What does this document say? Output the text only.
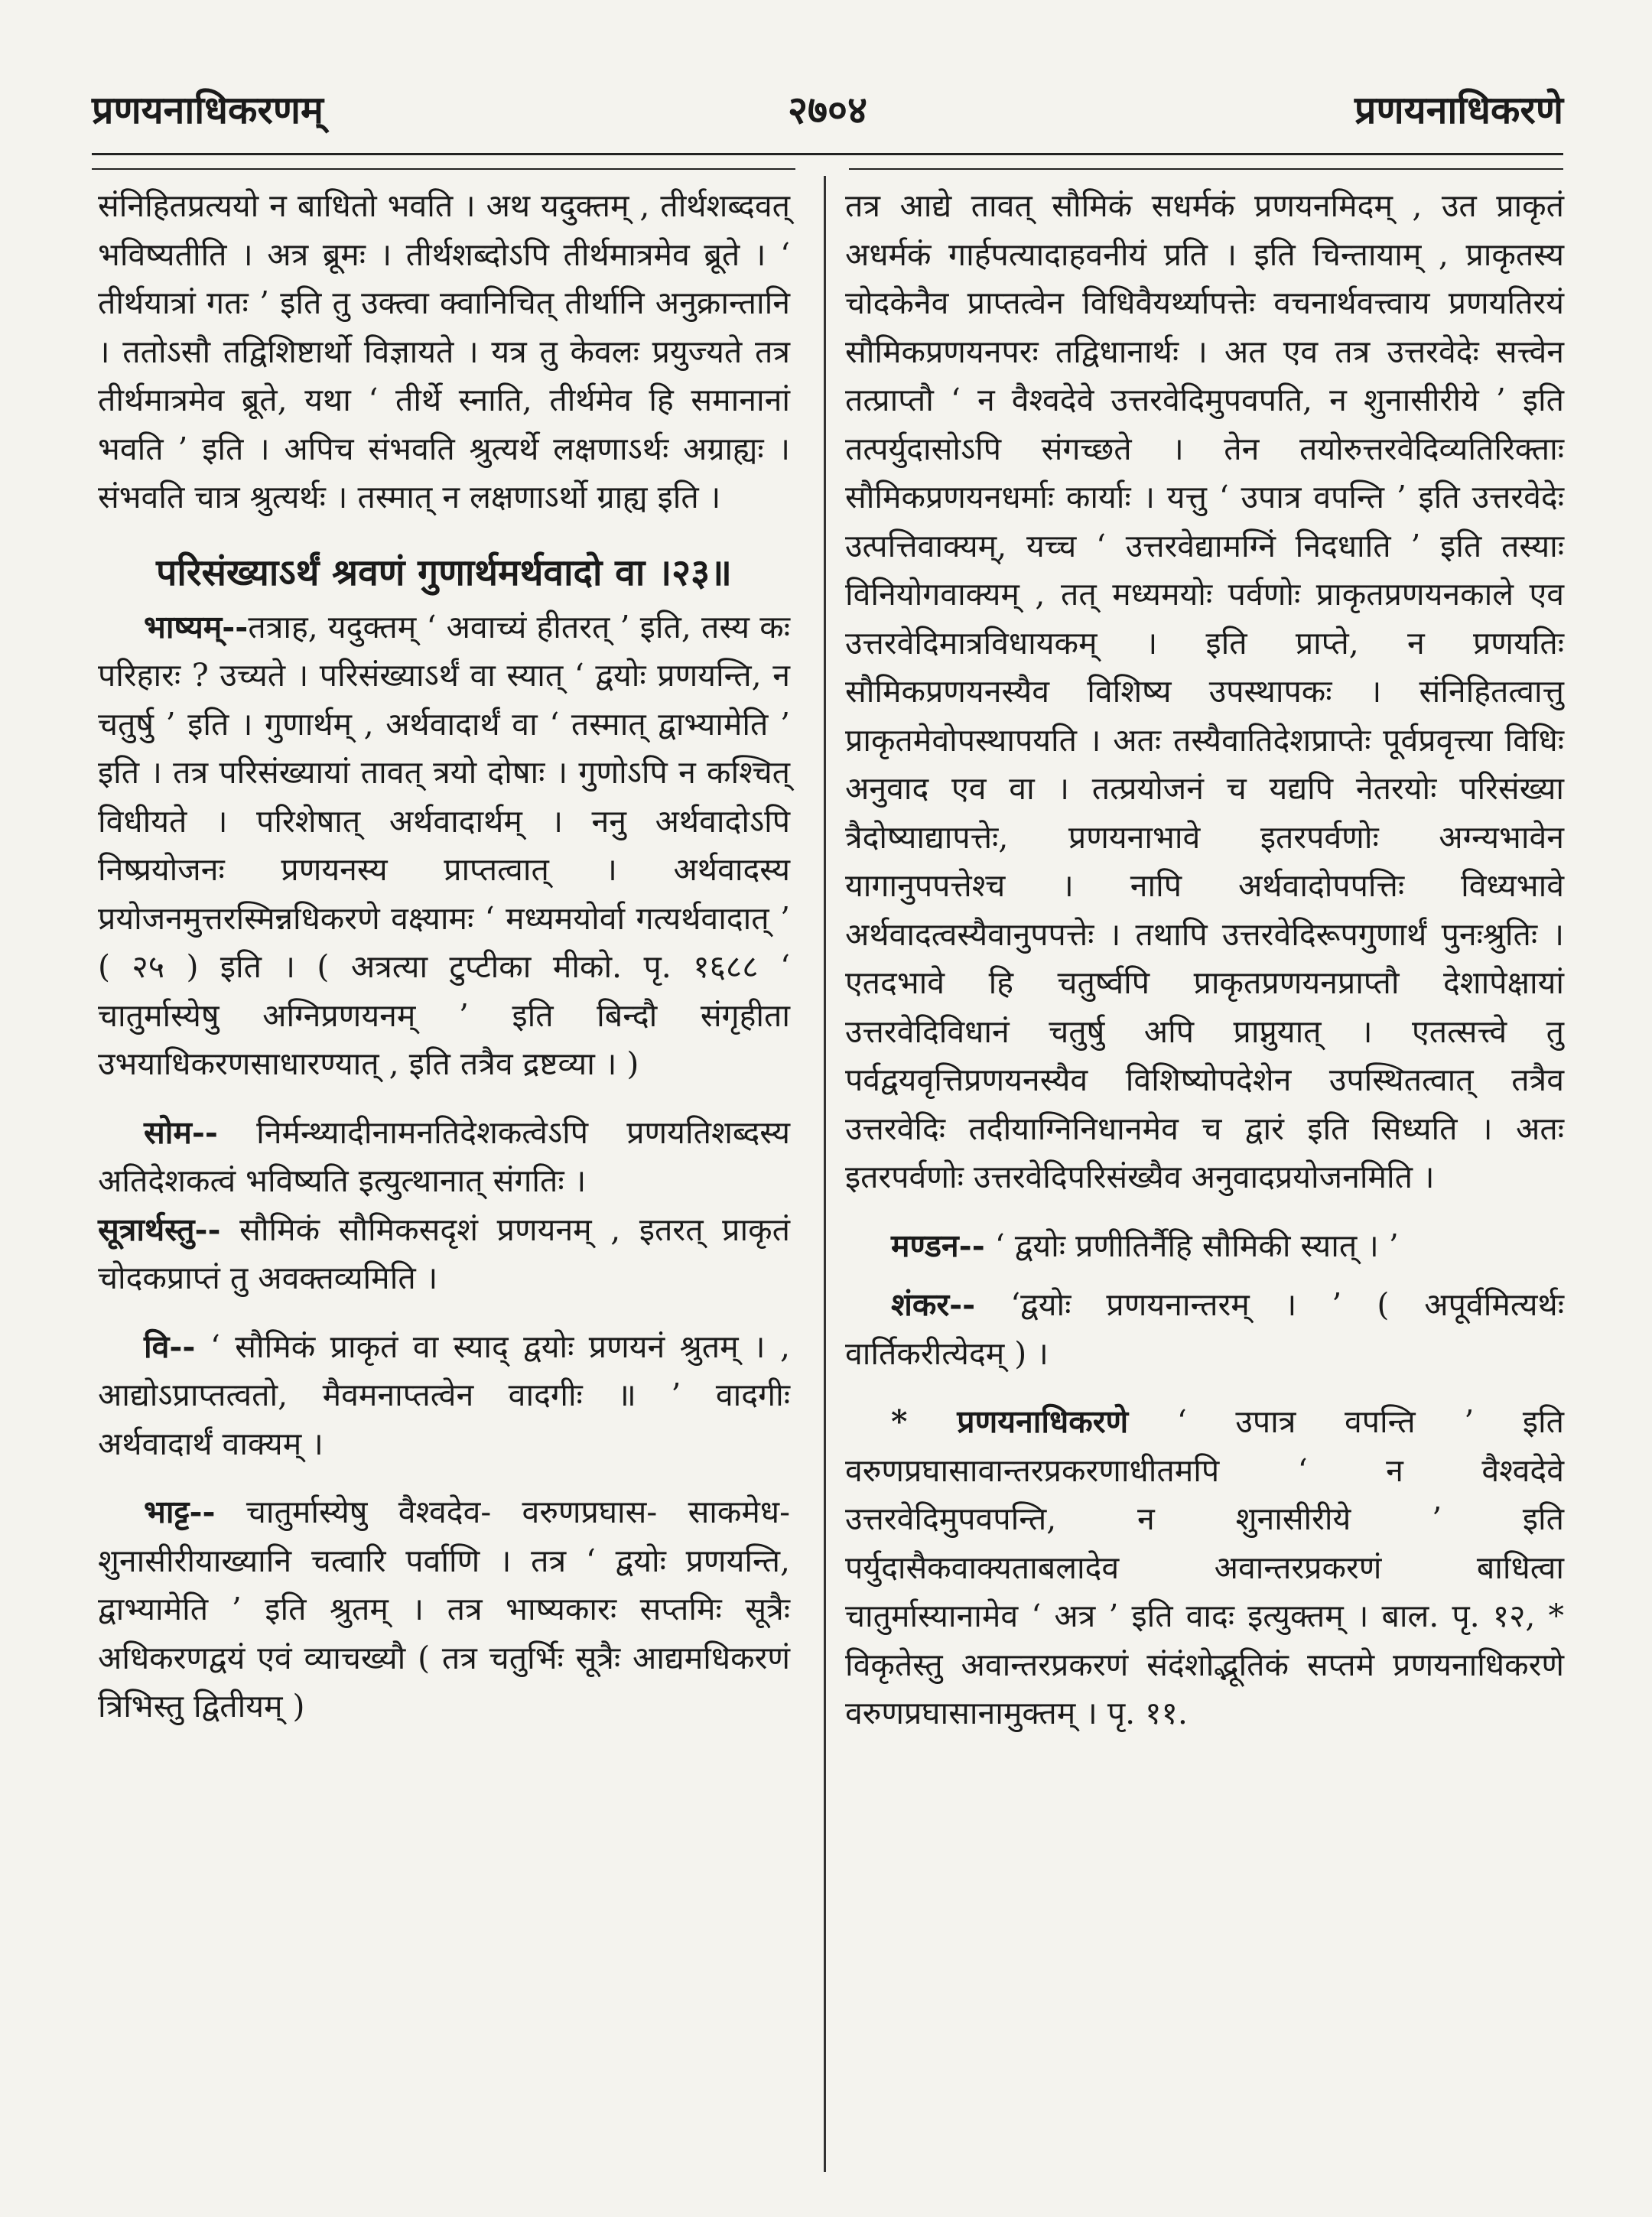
प्रणयनाधिकरणम्	२७०४	प्रणयनाधिकरणे

संनिहितप्रत्ययो न बाधितो भवति । अथ यदुक्तम् , तीर्थशब्दवत् भविष्यतीति । अत्र ब्रूमः । तीर्थशब्दोऽपि तीर्थमात्रमेव ब्रूते । ‘ तीर्थयात्रां गतः ’ इति तु उक्त्वा क्वानिचित् तीर्थानि अनुक्रान्तानि । ततोऽसौ तद्विशिष्टार्थो विज्ञायते । यत्र तु केवलः प्रयुज्यते तत्र तीर्थमात्रमेव ब्रूते, यथा ‘ तीर्थे स्नाति, तीर्थमेव हि समानानां भवति ’ इति । अपिच संभवति श्रुत्यर्थे लक्षणाऽर्थः अग्राह्यः । संभवति चात्र श्रुत्यर्थः । तस्मात् न लक्षणाऽर्थो ग्राह्य इति ।

परिसंख्याऽर्थं श्रवणं गुणार्थमर्थवादो वा ।२३॥

भाष्यम्--तत्राह, यदुक्तम् ‘ अवाच्यं हीतरत् ’ इति, तस्य कः परिहारः ? उच्यते । परिसंख्याऽर्थं वा स्यात् ‘ द्वयोः प्रणयन्ति, न चतुर्षु ’ इति । गुणार्थम् , अर्थवादार्थं वा ‘ तस्मात् द्वाभ्यामेति ’ इति । तत्र परिसंख्यायां तावत् त्रयो दोषाः । गुणोऽपि न कश्चित् विधीयते । परिशेषात् अर्थवादार्थम् । ननु अर्थवादोऽपि निष्प्रयोजनः प्रणयनस्य प्राप्तत्वात् । अर्थवादस्य प्रयोजनमुत्तरस्मिन्नधिकरणे वक्ष्यामः ‘ मध्यमयोर्वा गत्यर्थवादात् ’ ( २५ ) इति । ( अत्रत्या टुप्टीका मीको. पृ. १६८८ ‘ चातुर्मास्येषु अग्निप्रणयनम् ’ इति बिन्दौ संगृहीता उभयाधिकरणसाधारण्यात् , इति तत्रैव द्रष्टव्या । )

सोम-- निर्मन्थ्यादीनामनतिदेशकत्वेऽपि प्रणयतिशब्दस्य अतिदेशकत्वं भविष्यति इत्युत्थानात् संगतिः ।

सूत्रार्थस्तु-- सौमिकं सौमिकसदृशं प्रणयनम् , इतरत् प्राकृतं चोदकप्राप्तं तु अवक्तव्यमिति ।

वि-- ‘ सौमिकं प्राकृतं वा स्याद् द्वयोः प्रणयनं श्रुतम् । , आद्योऽप्राप्तत्वतो, मैवमनाप्तत्वेन वादगीः ॥ ’ वादगीः अर्थवादार्थं वाक्यम् ।

भाट्ट-- चातुर्मास्येषु वैश्वदेव- वरुणप्रघास- साकमेध- शुनासीरीयाख्यानि चत्वारि पर्वाणि । तत्र ‘ द्वयोः प्रणयन्ति, द्वाभ्यामेति ’ इति श्रुतम् । तत्र भाष्यकारः सप्तमिः सूत्रैः अधिकरणद्वयं एवं व्याचख्यौ ( तत्र चतुर्भिः सूत्रैः आद्यमधिकरणं त्रिभिस्तु द्वितीयम् )

तत्र आद्ये तावत् सौमिकं सधर्मकं प्रणयनमिदम् , उत प्राकृतं अधर्मकं गार्हपत्यादाहवनीयं प्रति । इति चिन्तायाम् , प्राकृतस्य चोदकेनैव प्राप्तत्वेन विधिवैयर्थ्यापत्तेः वचनार्थवत्त्वाय प्रणयतिरयं सौमिकप्रणयनपरः तद्विधानार्थः । अत एव तत्र उत्तरवेदेः सत्त्वेन तत्प्राप्तौ ‘ न वैश्वदेवे उत्तरवेदिमुपवपति, न शुनासीरीये ’ इति तत्पर्युदासोऽपि संगच्छते । तेन तयोरुत्तरवेदिव्यतिरिक्ताः सौमिकप्रणयनधर्माः कार्याः । यत्तु ‘ उपात्र वपन्ति ’ इति उत्तरवेदेः उत्पत्तिवाक्यम्, यच्च ‘ उत्तरवेद्यामग्निं निदधाति ’ इति तस्याः विनियोगवाक्यम् , तत् मध्यमयोः पर्वणोः प्राकृतप्रणयनकाले एव उत्तरवेदिमात्रविधायकम् । इति प्राप्ते, न प्रणयतिः सौमिकप्रणयनस्यैव विशिष्य उपस्थापकः । संनिहितत्वात्तु प्राकृतमेवोपस्थापयति । अतः तस्यैवातिदेशप्राप्तेः पूर्वप्रवृत्त्या विधिः अनुवाद एव वा । तत्प्रयोजनं च यद्यपि नेतरयोः परिसंख्या त्रैदोष्याद्यापत्तेः, प्रणयनाभावे इतरपर्वणोः अग्न्यभावेन यागानुपपत्तेश्च । नापि अर्थवादोपपत्तिः विध्यभावे अर्थवादत्वस्यैवानुपपत्तेः । तथापि उत्तरवेदिरूपगुणार्थं पुनःश्रुतिः । एतदभावे हि चतुर्ष्वपि प्राकृतप्रणयनप्राप्तौ देशापेक्षायां उत्तरवेदिविधानं चतुर्षु अपि प्राप्नुयात् । एतत्सत्त्वे तु पर्वद्वयवृत्तिप्रणयनस्यैव विशिष्योपदेशेन उपस्थितत्वात् तत्रैव उत्तरवेदिः तदीयाग्निनिधानमेव च द्वारं इति सिध्यति । अतः इतरपर्वणोः उत्तरवेदिपरिसंख्यैव अनुवादप्रयोजनमिति ।

मण्डन-- ‘ द्वयोः प्रणीतिर्नैहि सौमिकी स्यात् । ’

शंकर-- ‘द्वयोः प्रणयनान्तरम् । ’ ( अपूर्वमित्यर्थः वार्तिकरीत्येदम् ) ।

* प्रणयनाधिकरणे ‘ उपात्र वपन्ति ’ इति वरुणप्रघासावान्तरप्रकरणाधीतमपि ‘ न वैश्वदेवे उत्तरवेदिमुपवपन्ति, न शुनासीरीये ’ इति पर्युदासैकवाक्यताबलादेव अवान्तरप्रकरणं बाधित्वा चातुर्मास्यानामेव ‘ अत्र ’ इति वादः इत्युक्तम् । बाल. पृ. १२, * विकृतेस्तु अवान्तरप्रकरणं संदंशोद्भूतिकं सप्तमे प्रणयनाधिकरणे वरुणप्रघासानामुक्तम् । पृ. ११.
